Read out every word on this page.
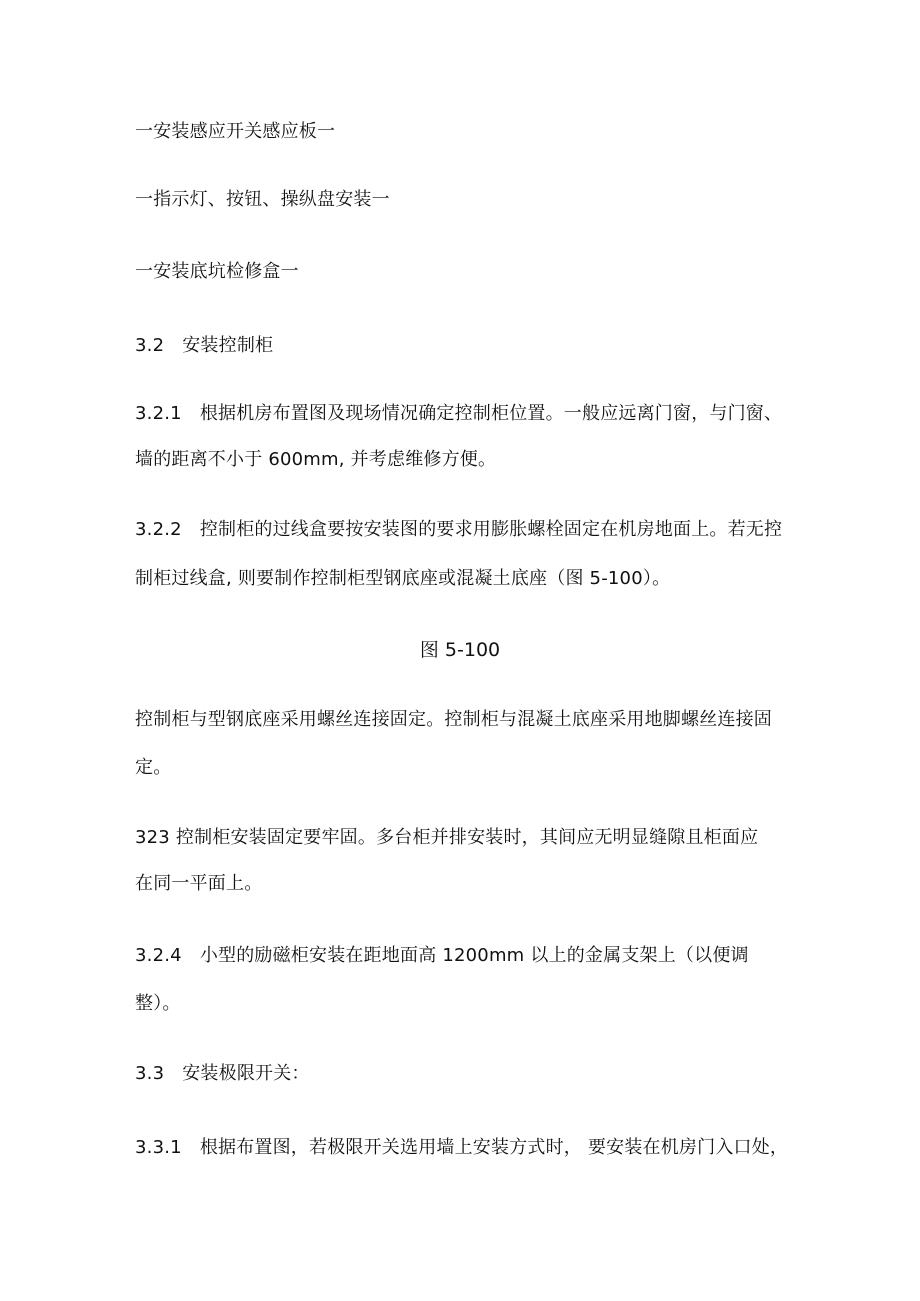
一安装感应开关感应板一
一指示灯、按钮、操纵盘安装一
一安装底坑检修盒一
3.2 安装控制柜
3.2.1 根据机房布置图及现场情况确定控制柜位置。一般应远离门窗，与门窗、
墙的距离不小于 600mm, 并考虑维修方便。
3.2.2 控制柜的过线盒要按安装图的要求用膨胀螺栓固定在机房地面上。若无控
制柜过线盒, 则要制作控制柜型钢底座或混凝土底座（图 5-100）。
图 5-100
控制柜与型钢底座采用螺丝连接固定。控制柜与混凝土底座采用地脚螺丝连接固
定。
323 控制柜安装固定要牢固。多台柜并排安装时，其间应无明显缝隙且柜面应
在同一平面上。
3.2.4 小型的励磁柜安装在距地面高 1200mm 以上的金属支架上（以便调
整）。
3.3 安装极限开关：
3.3.1 根据布置图，若极限开关选用墙上安装方式时， 要安装在机房门入口处，
